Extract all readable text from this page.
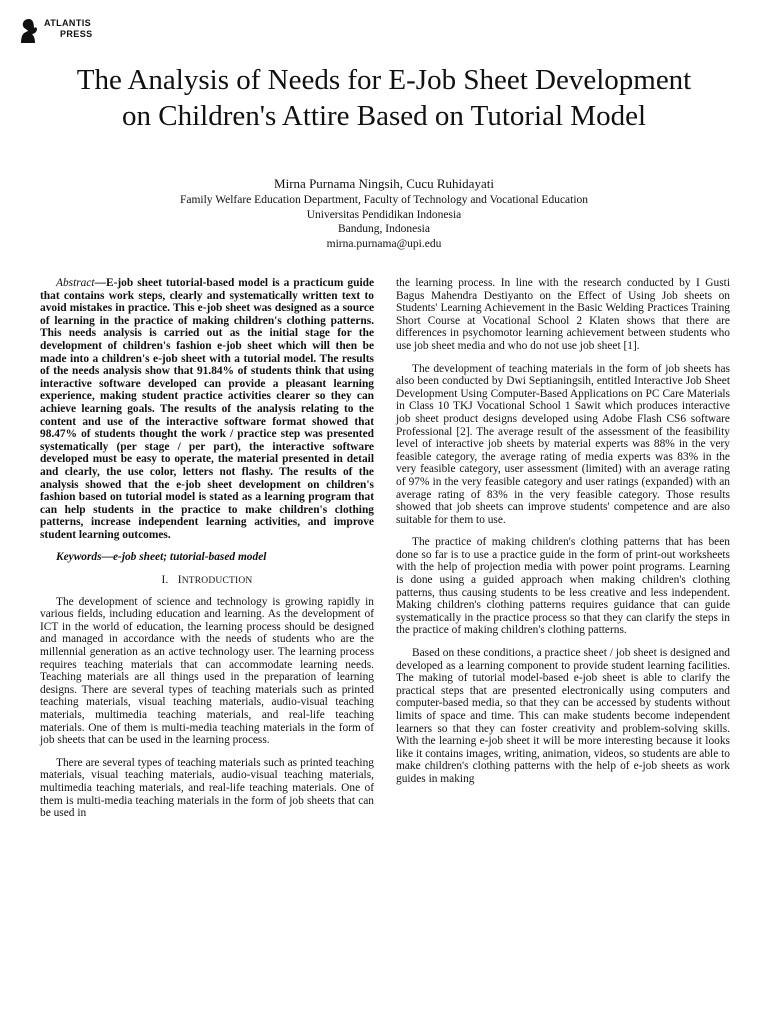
ATLANTIS
PRESS
The Analysis of Needs for E-Job Sheet Development
on Children's Attire Based on Tutorial Model
Mirna Purnama Ningsih, Cucu Ruhidayati
Family Welfare Education Department, Faculty of Technology and Vocational Education
Universitas Pendidikan Indonesia
Bandung, Indonesia
mirna.purnama@upi.edu

Abstract—E-job sheet tutorial-based model is a practicum guide that contains work steps, clearly and systematically written text to avoid mistakes in practice. This e-job sheet was designed as a source of learning in the practice of making children's clothing patterns. This needs analysis is carried out as the initial stage for the development of children's fashion e-job sheet which will then be made into a children's e-job sheet with a tutorial model. The results of the needs analysis show that 91.84% of students think that using interactive software developed can provide a pleasant learning experience, making student practice activities clearer so they can achieve learning goals. The results of the analysis relating to the content and use of the interactive software format showed that 98.47% of students thought the work / practice step was presented systematically (per stage / per part), the interactive software developed must be easy to operate, the material presented in detail and clearly, the use color, letters not flashy. The results of the analysis showed that the e-job sheet development on children's fashion based on tutorial model is stated as a learning program that can help students in the practice to make children's clothing patterns, increase independent learning activities, and improve student learning outcomes.

Keywords—e-job sheet; tutorial-based model

I. INTRODUCTION

The development of science and technology is growing rapidly in various fields, including education and learning. As the development of ICT in the world of education, the learning process should be designed and managed in accordance with the needs of students who are the millennial generation as an active technology user. The learning process requires teaching materials that can accommodate learning needs. Teaching materials are all things used in the preparation of learning designs. There are several types of teaching materials such as printed teaching materials, visual teaching materials, audio-visual teaching materials, multimedia teaching materials, and real-life teaching materials. One of them is multi-media teaching materials in the form of job sheets that can be used in the learning process.

There are several types of teaching materials such as printed teaching materials, visual teaching materials, audio-visual teaching materials, multimedia teaching materials, and real-life teaching materials. One of them is multi-media teaching materials in the form of job sheets that can be used in

the learning process. In line with the research conducted by I Gusti Bagus Mahendra Destiyanto on the Effect of Using Job sheets on Students' Learning Achievement in the Basic Welding Practices Training Short Course at Vocational School 2 Klaten shows that there are differences in psychomotor learning achievement between students who use job sheet media and who do not use job sheet [1].

The development of teaching materials in the form of job sheets has also been conducted by Dwi Septianingsih, entitled Interactive Job Sheet Development Using Computer-Based Applications on PC Care Materials in Class 10 TKJ Vocational School 1 Sawit which produces interactive job sheet product designs developed using Adobe Flash CS6 software Professional [2]. The average result of the assessment of the feasibility level of interactive job sheets by material experts was 88% in the very feasible category, the average rating of media experts was 83% in the very feasible category, user assessment (limited) with an average rating of 97% in the very feasible category and user ratings (expanded) with an average rating of 83% in the very feasible category. Those results showed that job sheets can improve students' competence and are also suitable for them to use.

The practice of making children's clothing patterns that has been done so far is to use a practice guide in the form of print-out worksheets with the help of projection media with power point programs. Learning is done using a guided approach when making children's clothing patterns, thus causing students to be less creative and less independent. Making children's clothing patterns requires guidance that can guide systematically in the practice process so that they can clarify the steps in the practice of making children's clothing patterns.

Based on these conditions, a practice sheet / job sheet is designed and developed as a learning component to provide student learning facilities. The making of tutorial model-based e-job sheet is able to clarify the practical steps that are presented electronically using computers and computer-based media, so that they can be accessed by students without limits of space and time. This can make students become independent learners so that they can foster creativity and problem-solving skills. With the learning e-job sheet it will be more interesting because it looks like it contains images, writing, animation, videos, so students are able to make children's clothing patterns with the help of e-job sheets as work guides in making
